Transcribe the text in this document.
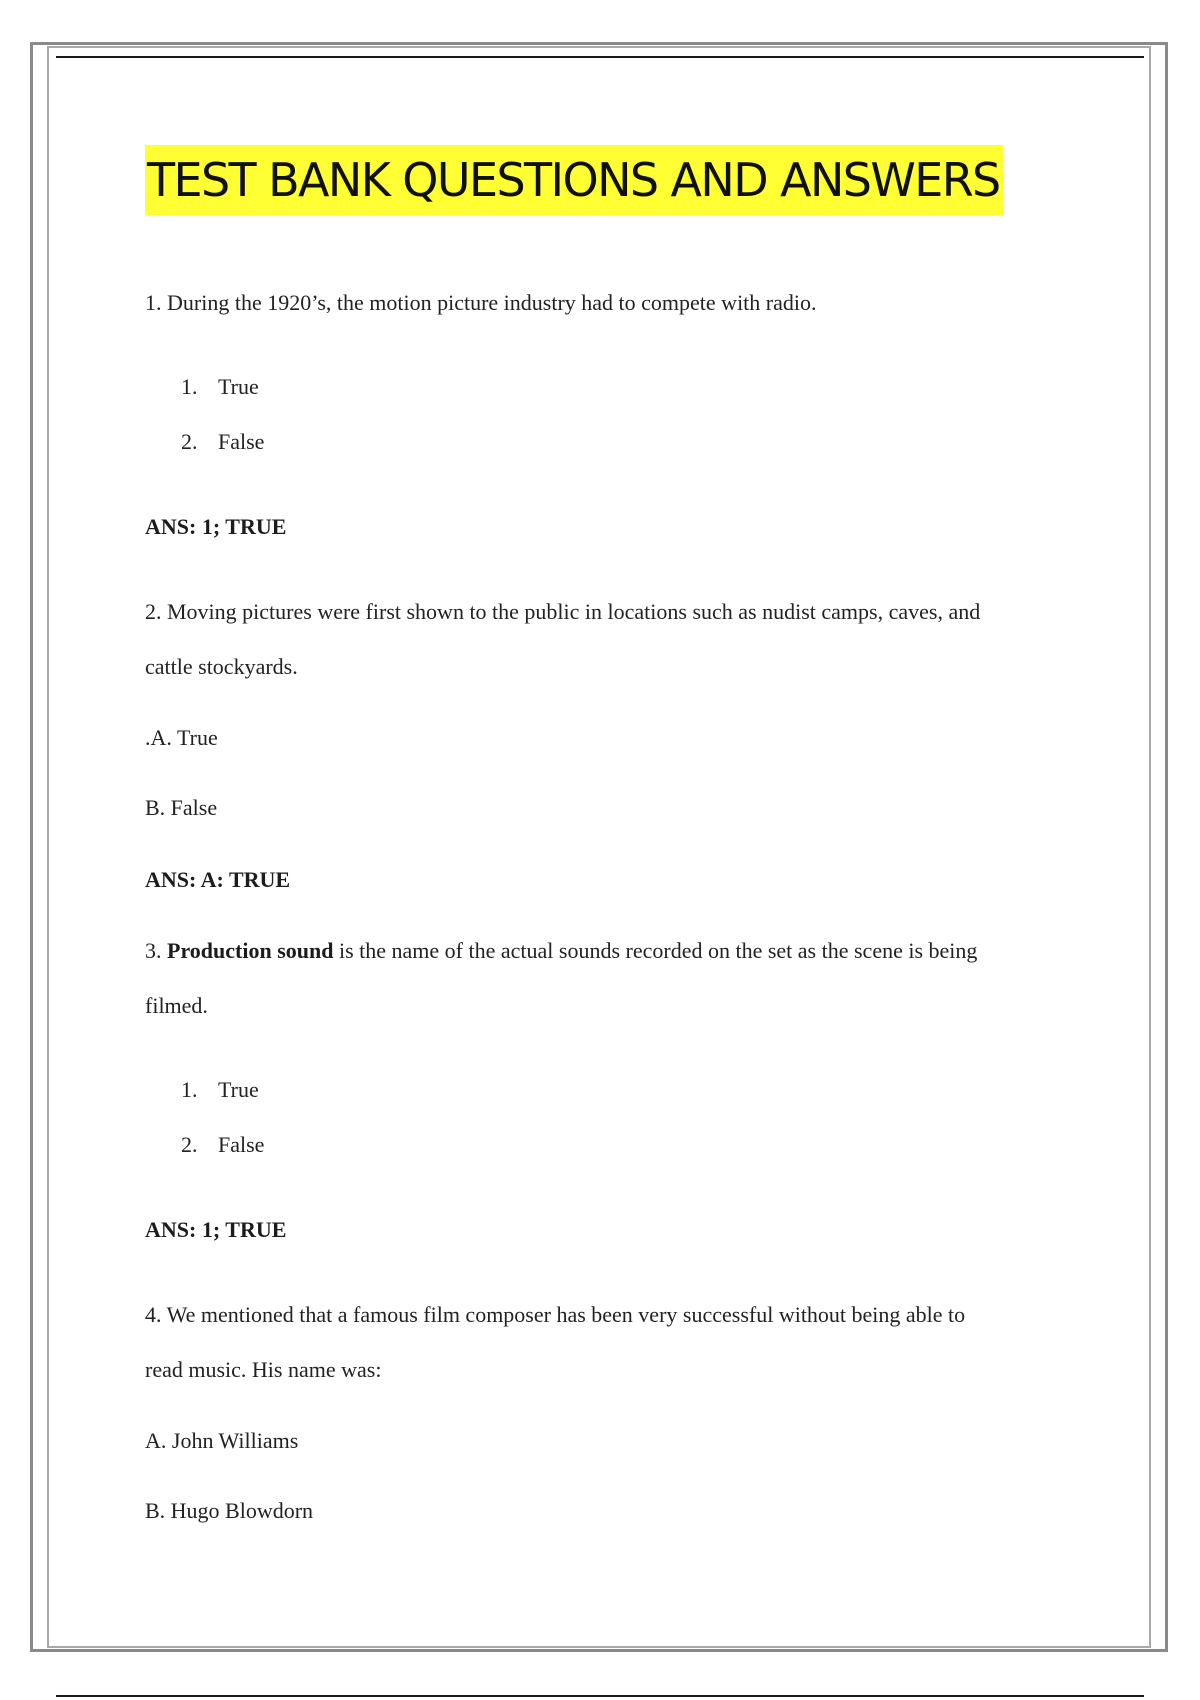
TEST BANK QUESTIONS AND ANSWERS
1. During the 1920’s, the motion picture industry had to compete with radio.
1. True
2. False
ANS: 1; TRUE
2. Moving pictures were first shown to the public in locations such as nudist camps, caves, and
cattle stockyards.
.A. True
B. False
ANS: A: TRUE
3. Production sound is the name of the actual sounds recorded on the set as the scene is being
filmed.
1. True
2. False
ANS: 1; TRUE
4. We mentioned that a famous film composer has been very successful without being able to
read music. His name was:
A. John Williams
B. Hugo Blowdorn
